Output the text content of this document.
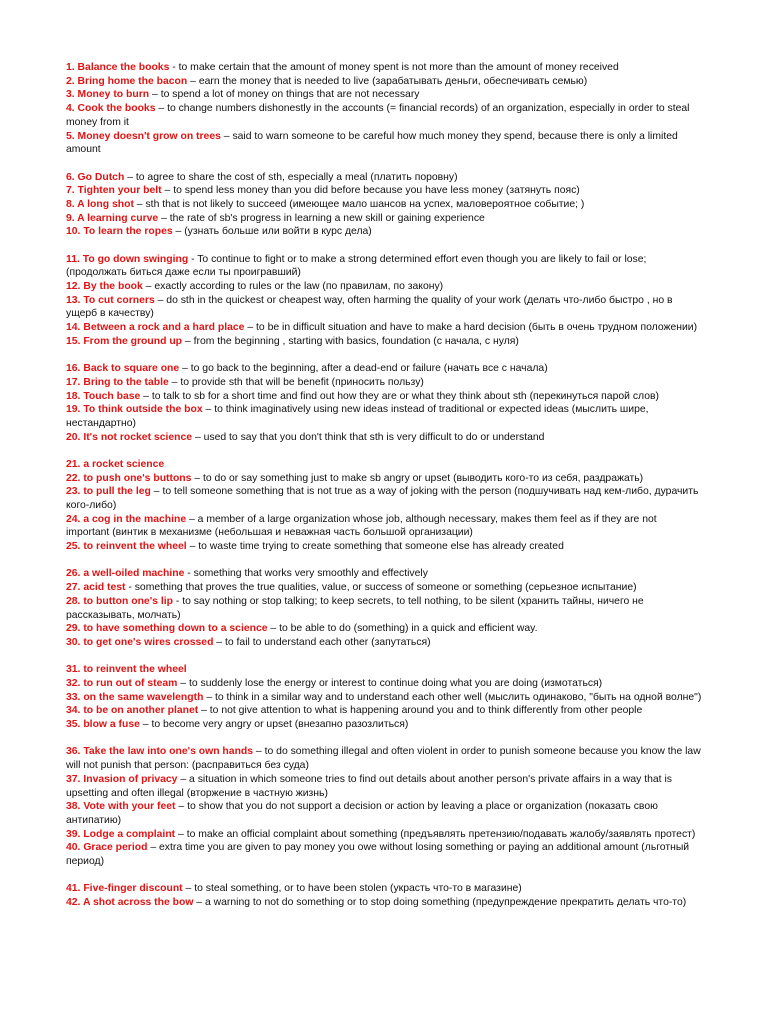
1. Balance the books - to make certain that the amount of money spent is not more than the amount of money received

2. Bring home the bacon – earn the money that is needed to live (зарабатывать деньги, обеспечивать семью)

3. Money to burn – to spend a lot of money on things that are not necessary

4. Cook the books – to change numbers dishonestly in the accounts (= financial records) of an organization, especially in order to steal money from it

5. Money doesn't grow on trees – said to warn someone to be careful how much money they spend, because there is only a limited amount

6. Go Dutch – to agree to share the cost of sth, especially a meal (платить поровну)

7. Tighten your belt – to spend less money than you did before because you have less money (затянуть пояс)

8. A long shot – sth that is not likely to succeed (имеющее мало шансов на успех, маловероятное событие; )

9. A learning curve – the rate of sb's progress in learning a new skill or gaining experience

10. To learn the ropes – (узнать больше или войти в курс дела)

11. To go down swinging - To continue to fight or to make a strong determined effort even though you are likely to fail or lose; (продолжать биться даже если ты проигравший)

12. By the book – exactly according to rules or the law (по правилам, по закону)

13. To cut corners – do sth in the quickest or cheapest way, often harming the quality of your work (делать что-либо быстро , но в ущерб в качеству)

14. Between a rock and a hard place – to be in difficult situation and have to make a hard decision (быть в очень трудном положении)

15. From the ground up – from the beginning , starting with basics, foundation (с начала, с нуля)

16. Back to square one – to go back to the beginning, after a dead-end or failure (начать все с начала)

17. Bring to the table – to provide sth that will be benefit (приносить пользу)

18. Touch base – to talk to sb for a short time and find out how they are or what they think about sth (перекинуться парой слов)

19. To think outside the box – to think imaginatively using new ideas instead of traditional or expected ideas (мыслить шире, нестандартно)

20. It's not rocket science – used to say that you don't think that sth is very difficult to do or understand

21. a rocket science

22. to push one's buttons – to do or say something just to make sb angry or upset (выводить кого-то из себя, раздражать)

23. to pull the leg – to tell someone something that is not true as a way of joking with the person (подшучивать над кем-либо, дурачить кого-либо)

24. a cog in the machine – a member of a large organization whose job, although necessary, makes them feel as if they are not important (винтик в механизме (небольшая и неважная часть большой организации)

25. to reinvent the wheel – to waste time trying to create something that someone else has already created

26. a well-oiled machine - something that works very smoothly and effectively

27. acid test - something that proves the true qualities, value, or success of someone or something (серьезное испытание)

28. to button one's lip - to say nothing or stop talking; to keep secrets, to tell nothing, to be silent (хранить тайны, ничего не рассказывать, молчать)

29. to have something down to a science – to be able to do (something) in a quick and efficient way.

30. to get one's wires crossed – to fail to understand each other (запутаться)

31. to reinvent the wheel

32. to run out of steam – to suddenly lose the energy or interest to continue doing what you are doing (измотаться)

33. on the same wavelength – to think in a similar way and to understand each other well (мыслить одинаково, "быть на одной волне")

34. to be on another planet – to not give attention to what is happening around you and to think differently from other people

35. blow a fuse – to become very angry or upset (внезапно разозлиться)

36. Take the law into one's own hands – to do something illegal and often violent in order to punish someone because you know the law will not punish that person: (расправиться без суда)

37. Invasion of privacy – a situation in which someone tries to find out details about another person's private affairs in a way that is upsetting and often illegal (вторжение в частную жизнь)

38. Vote with your feet – to show that you do not support a decision or action by leaving a place or organization (показать свою антипатию)

39. Lodge a complaint – to make an official complaint about something (предъявлять претензию/подавать жалобу/заявлять протест)

40. Grace period – extra time you are given to pay money you owe without losing something or paying an additional amount (льготный период)

41. Five-finger discount – to steal something, or to have been stolen (украсть что-то в магазине)

42. A shot across the bow – a warning to not do something or to stop doing something (предупреждение прекратить делать что-то)
